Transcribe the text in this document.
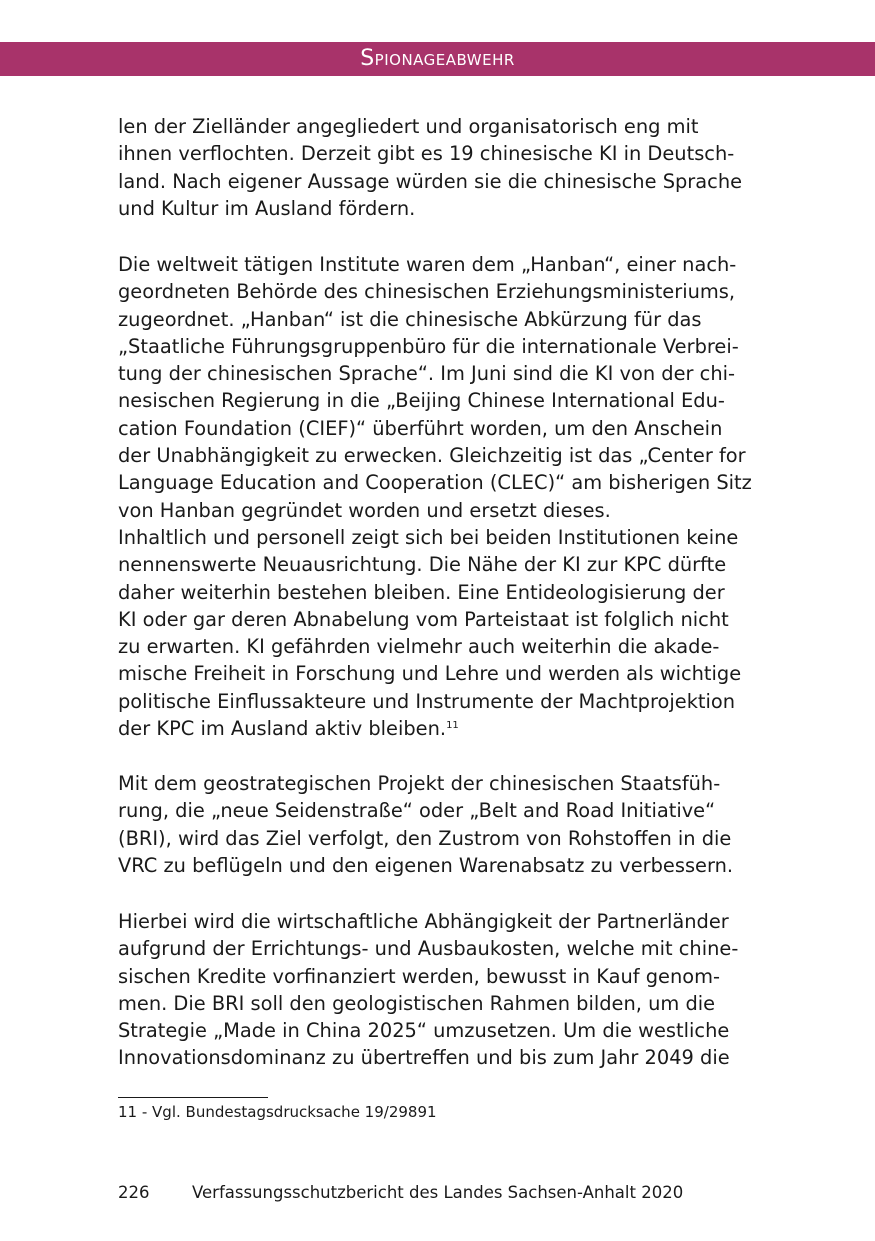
Spionageabwehr
len der Zielländer angegliedert und organisatorisch eng mit
ihnen verflochten. Derzeit gibt es 19 chinesische KI in Deutsch-
land. Nach eigener Aussage würden sie die chinesische Sprache
und Kultur im Ausland fördern.
Die weltweit tätigen Institute waren dem „Hanban“, einer nach-
geordneten Behörde des chinesischen Erziehungsministeriums,
zugeordnet. „Hanban“ ist die chinesische Abkürzung für das
„Staatliche Führungsgruppenbüro für die internationale Verbrei-
tung der chinesischen Sprache“. Im Juni sind die KI von der chi-
nesischen Regierung in die „Beijing Chinese International Edu-
cation Foundation (CIEF)“ überführt worden, um den Anschein
der Unabhängigkeit zu erwecken. Gleichzeitig ist das „Center for
Language Education and Cooperation (CLEC)“ am bisherigen Sitz
von Hanban gegründet worden und ersetzt dieses.
Inhaltlich und personell zeigt sich bei beiden Institutionen keine
nennenswerte Neuausrichtung. Die Nähe der KI zur KPC dürfte
daher weiterhin bestehen bleiben. Eine Entideologisierung der
KI oder gar deren Abnabelung vom Parteistaat ist folglich nicht
zu erwarten. KI gefährden vielmehr auch weiterhin die akade-
mische Freiheit in Forschung und Lehre und werden als wichtige
politische Einflussakteure und Instrumente der Machtprojektion
der KPC im Ausland aktiv bleiben.$^{11}$
Mit dem geostrategischen Projekt der chinesischen Staatsfüh-
rung, die „neue Seidenstraße“ oder „Belt and Road Initiative“
(BRI), wird das Ziel verfolgt, den Zustrom von Rohstoffen in die
VRC zu beflügeln und den eigenen Warenabsatz zu verbessern.
Hierbei wird die wirtschaftliche Abhängigkeit der Partnerländer
aufgrund der Errichtungs- und Ausbaukosten, welche mit chine-
sischen Kredite vorfinanziert werden, bewusst in Kauf genom-
men. Die BRI soll den geologistischen Rahmen bilden, um die
Strategie „Made in China 2025“ umzusetzen. Um die westliche
Innovationsdominanz zu übertreffen und bis zum Jahr 2049 die
11 - Vgl. Bundestagsdrucksache 19/29891
226	Verfassungsschutzbericht des Landes Sachsen-Anhalt 2020
